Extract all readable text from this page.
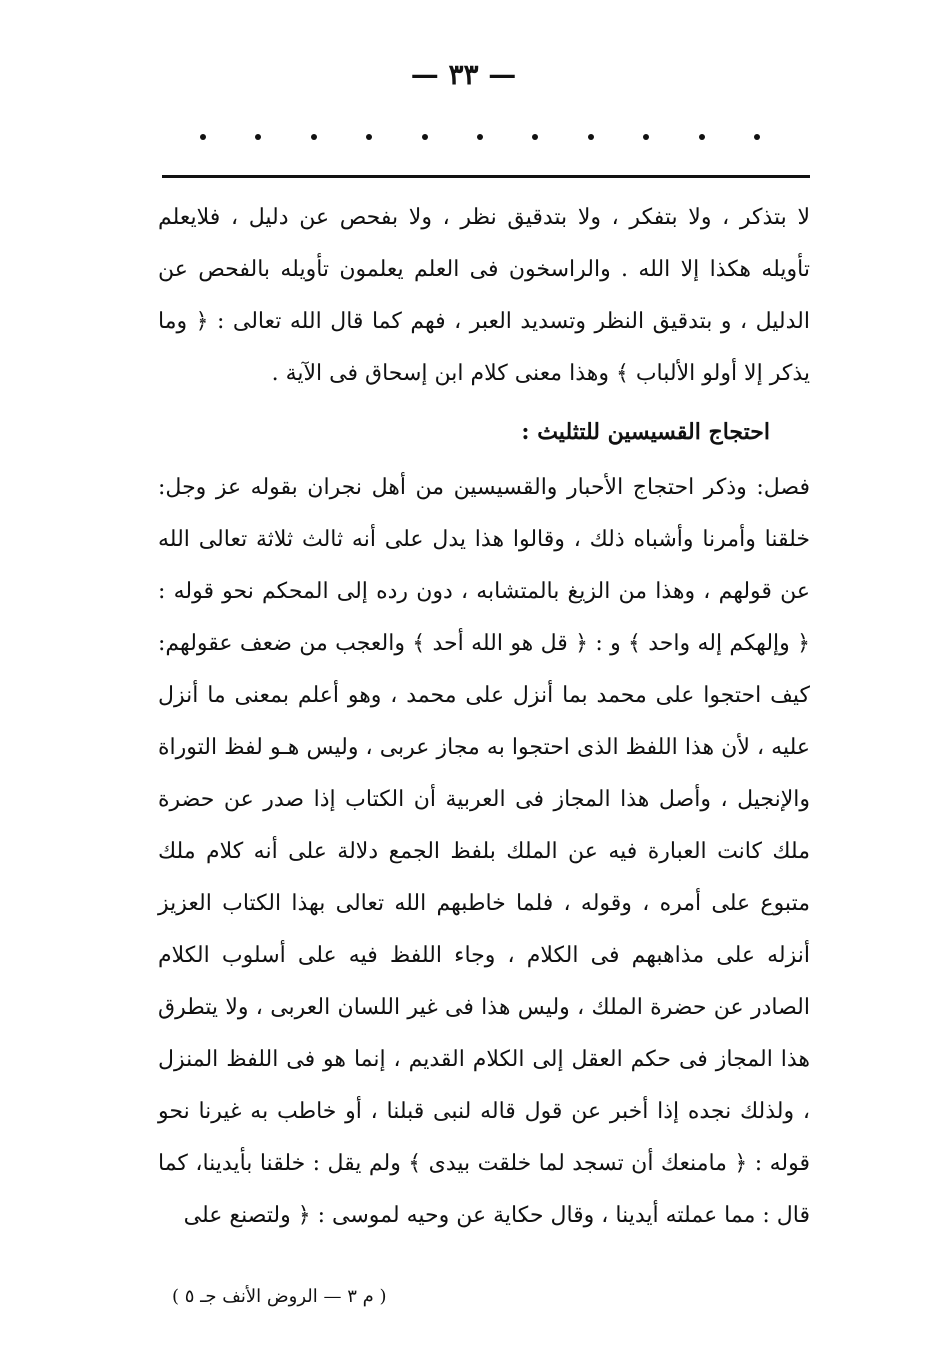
— ٣٣ —

لا بتذكر ، ولا بتفكر ، ولا بتدقيق نظر ، ولا بفحص عن دليل ، فلايعلم تأويله هكذا إلا الله . والراسخون فى العلم يعلمون تأويله بالفحص عن الدليل ، و بتدقيق النظر وتسديد العبر ، فهم كما قال الله تعالى : ﴿ وما يذكر إلا أولو الألباب ﴾ وهذا معنى كلام ابن إسحاق فى الآية .

احتجاج القسيسين للتثليث :

فصل: وذكر احتجاج الأحبار والقسيسين من أهل نجران بقوله عز وجل: خلقنا وأمرنا وأشباه ذلك ، وقالوا هذا يدل على أنه ثالث ثلاثة تعالى الله عن قولهم ، وهذا من الزيغ بالمتشابه ، دون رده إلى المحكم نحو قوله : ﴿ وإلهكم إله واحد ﴾ و : ﴿ قل هو الله أحد ﴾ والعجب من ضعف عقولهم: كيف احتجوا على محمد بما أنزل على محمد ، وهو أعلم بمعنى ما أنزل عليه ، لأن هذا اللفظ الذى احتجوا به مجاز عربى ، وليس هـو لفظ التوراة والإنجيل ، وأصل هذا المجاز فى العربية أن الكتاب إذا صدر عن حضرة ملك كانت العبارة فيه عن الملك بلفظ الجمع دلالة على أنه كلام ملك متبوع على أمره ، وقوله ، فلما خاطبهم الله تعالى بهذا الكتاب العزيز أنزله على مذاهبهم فى الكلام ، وجاء اللفظ فيه على أسلوب الكلام الصادر عن حضرة الملك ، وليس هذا فى غير اللسان العربى ، ولا يتطرق هذا المجاز فى حكم العقل إلى الكلام القديم ، إنما هو فى اللفظ المنزل ، ولذلك نجده إذا أخبر عن قول قاله لنبى قبلنا ، أو خاطب به غيرنا نحو قوله : ﴿ مامنعك أن تسجد لما خلقت بيدى ﴾ ولم يقل : خلقنا بأيدينا، كما قال : مما عملته أيدينا ، وقال حكاية عن وحيه لموسى : ﴿ ولتصنع على

( م ٣ — الروض الأنف جـ ٥ )
